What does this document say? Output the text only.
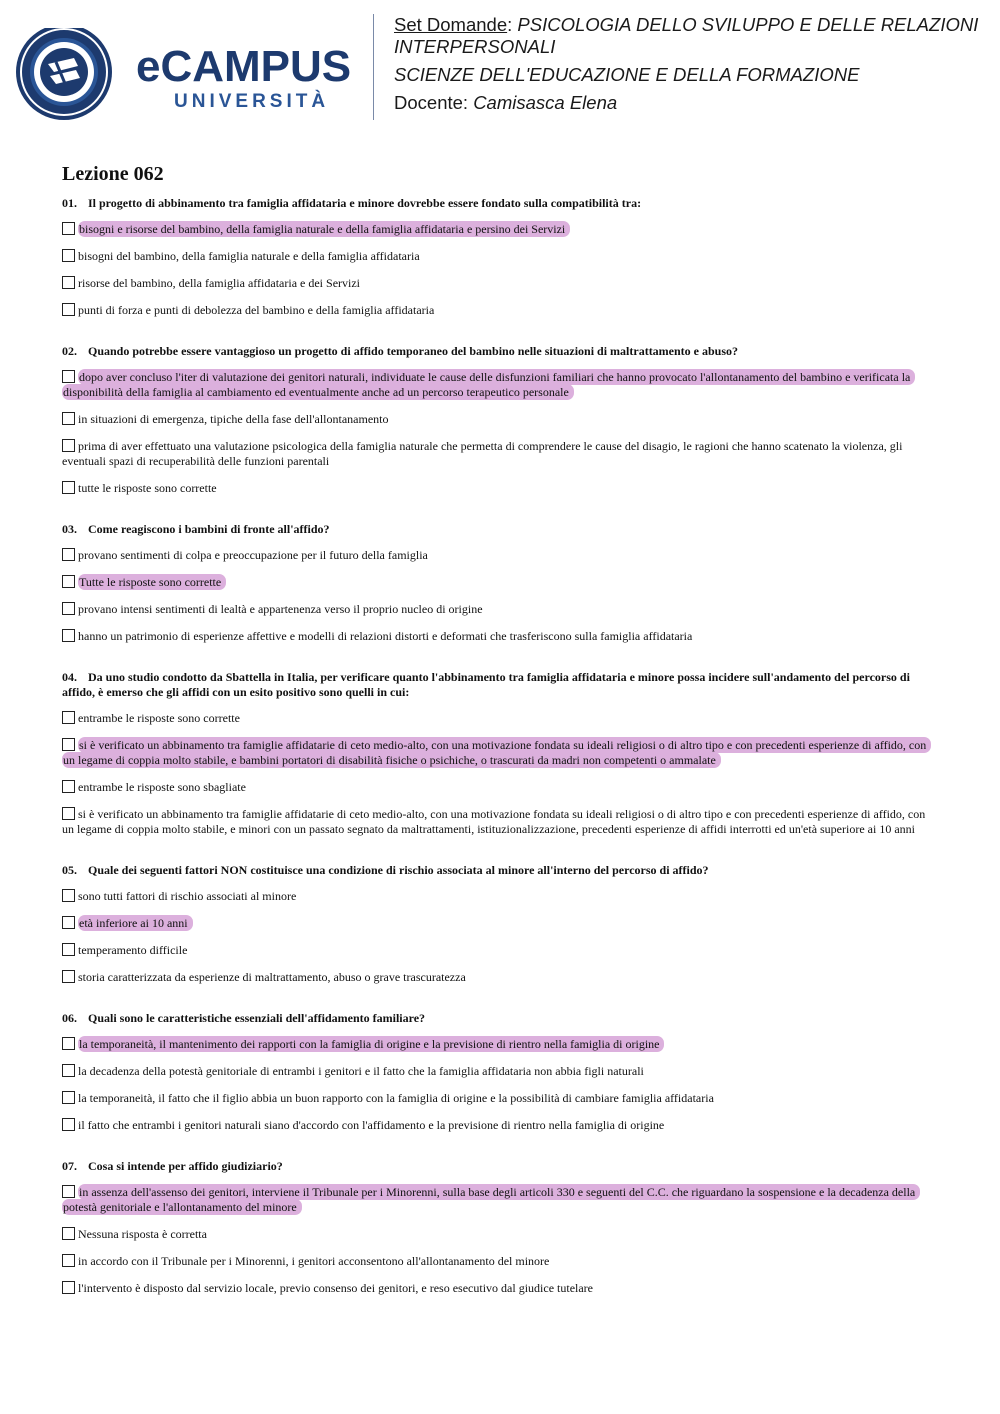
eCAMPUS
UNIVERSITÀ

Set Domande: PSICOLOGIA DELLO SVILUPPO E DELLE RELAZIONI

INTERPERSONALI

SCIENZE DELL'EDUCAZIONE E DELLA FORMAZIONE

Docente: Camisasca Elena

Lezione 062

01. Il progetto di abbinamento tra famiglia affidataria e minore dovrebbe essere fondato sulla compatibilità tra:

bisogni e risorse del bambino, della famiglia naturale e della famiglia affidataria e persino dei Servizi

bisogni del bambino, della famiglia naturale e della famiglia affidataria

risorse del bambino, della famiglia affidataria e dei Servizi

punti di forza e punti di debolezza del bambino e della famiglia affidataria

02. Quando potrebbe essere vantaggioso un progetto di affido temporaneo del bambino nelle situazioni di maltrattamento e abuso?

dopo aver concluso l'iter di valutazione dei genitori naturali, individuate le cause delle disfunzioni familiari che hanno provocato l'allontanamento del bambino e verificata la disponibilità della famiglia al cambiamento ed eventualmente anche ad un percorso terapeutico personale

in situazioni di emergenza, tipiche della fase dell'allontanamento

prima di aver effettuato una valutazione psicologica della famiglia naturale che permetta di comprendere le cause del disagio, le ragioni che hanno scatenato la violenza, gli eventuali spazi di recuperabilità delle funzioni parentali

tutte le risposte sono corrette

03. Come reagiscono i bambini di fronte all'affido?

provano sentimenti di colpa e preoccupazione per il futuro della famiglia

Tutte le risposte sono corrette

provano intensi sentimenti di lealtà e appartenenza verso il proprio nucleo di origine

hanno un patrimonio di esperienze affettive e modelli di relazioni distorti e deformati che trasferiscono sulla famiglia affidataria

04. Da uno studio condotto da Sbattella in Italia, per verificare quanto l'abbinamento tra famiglia affidataria e minore possa incidere sull'andamento del percorso di affido, è emerso che gli affidi con un esito positivo sono quelli in cui:

entrambe le risposte sono corrette

si è verificato un abbinamento tra famiglie affidatarie di ceto medio-alto, con una motivazione fondata su ideali religiosi o di altro tipo e con precedenti esperienze di affido, con un legame di coppia molto stabile, e bambini portatori di disabilità fisiche o psichiche, o trascurati da madri non competenti o ammalate

entrambe le risposte sono sbagliate

si è verificato un abbinamento tra famiglie affidatarie di ceto medio-alto, con una motivazione fondata su ideali religiosi o di altro tipo e con precedenti esperienze di affido, con un legame di coppia molto stabile, e minori con un passato segnato da maltrattamenti, istituzionalizzazione, precedenti esperienze di affidi interrotti ed un'età superiore ai 10 anni

05. Quale dei seguenti fattori NON costituisce una condizione di rischio associata al minore all'interno del percorso di affido?

sono tutti fattori di rischio associati al minore

età inferiore ai 10 anni

temperamento difficile

storia caratterizzata da esperienze di maltrattamento, abuso o grave trascuratezza

06. Quali sono le caratteristiche essenziali dell'affidamento familiare?

la temporaneità, il mantenimento dei rapporti con la famiglia di origine e la previsione di rientro nella famiglia di origine

la decadenza della potestà genitoriale di entrambi i genitori e il fatto che la famiglia affidataria non abbia figli naturali

la temporaneità, il fatto che il figlio abbia un buon rapporto con la famiglia di origine e la possibilità di cambiare famiglia affidataria

il fatto che entrambi i genitori naturali siano d'accordo con l'affidamento e la previsione di rientro nella famiglia di origine

07. Cosa si intende per affido giudiziario?

in assenza dell'assenso dei genitori, interviene il Tribunale per i Minorenni, sulla base degli articoli 330 e seguenti del C.C. che riguardano la sospensione e la decadenza della potestà genitoriale e l'allontanamento del minore

Nessuna risposta è corretta

in accordo con il Tribunale per i Minorenni, i genitori acconsentono all'allontanamento del minore

l'intervento è disposto dal servizio locale, previo consenso dei genitori, e reso esecutivo dal giudice tutelare
